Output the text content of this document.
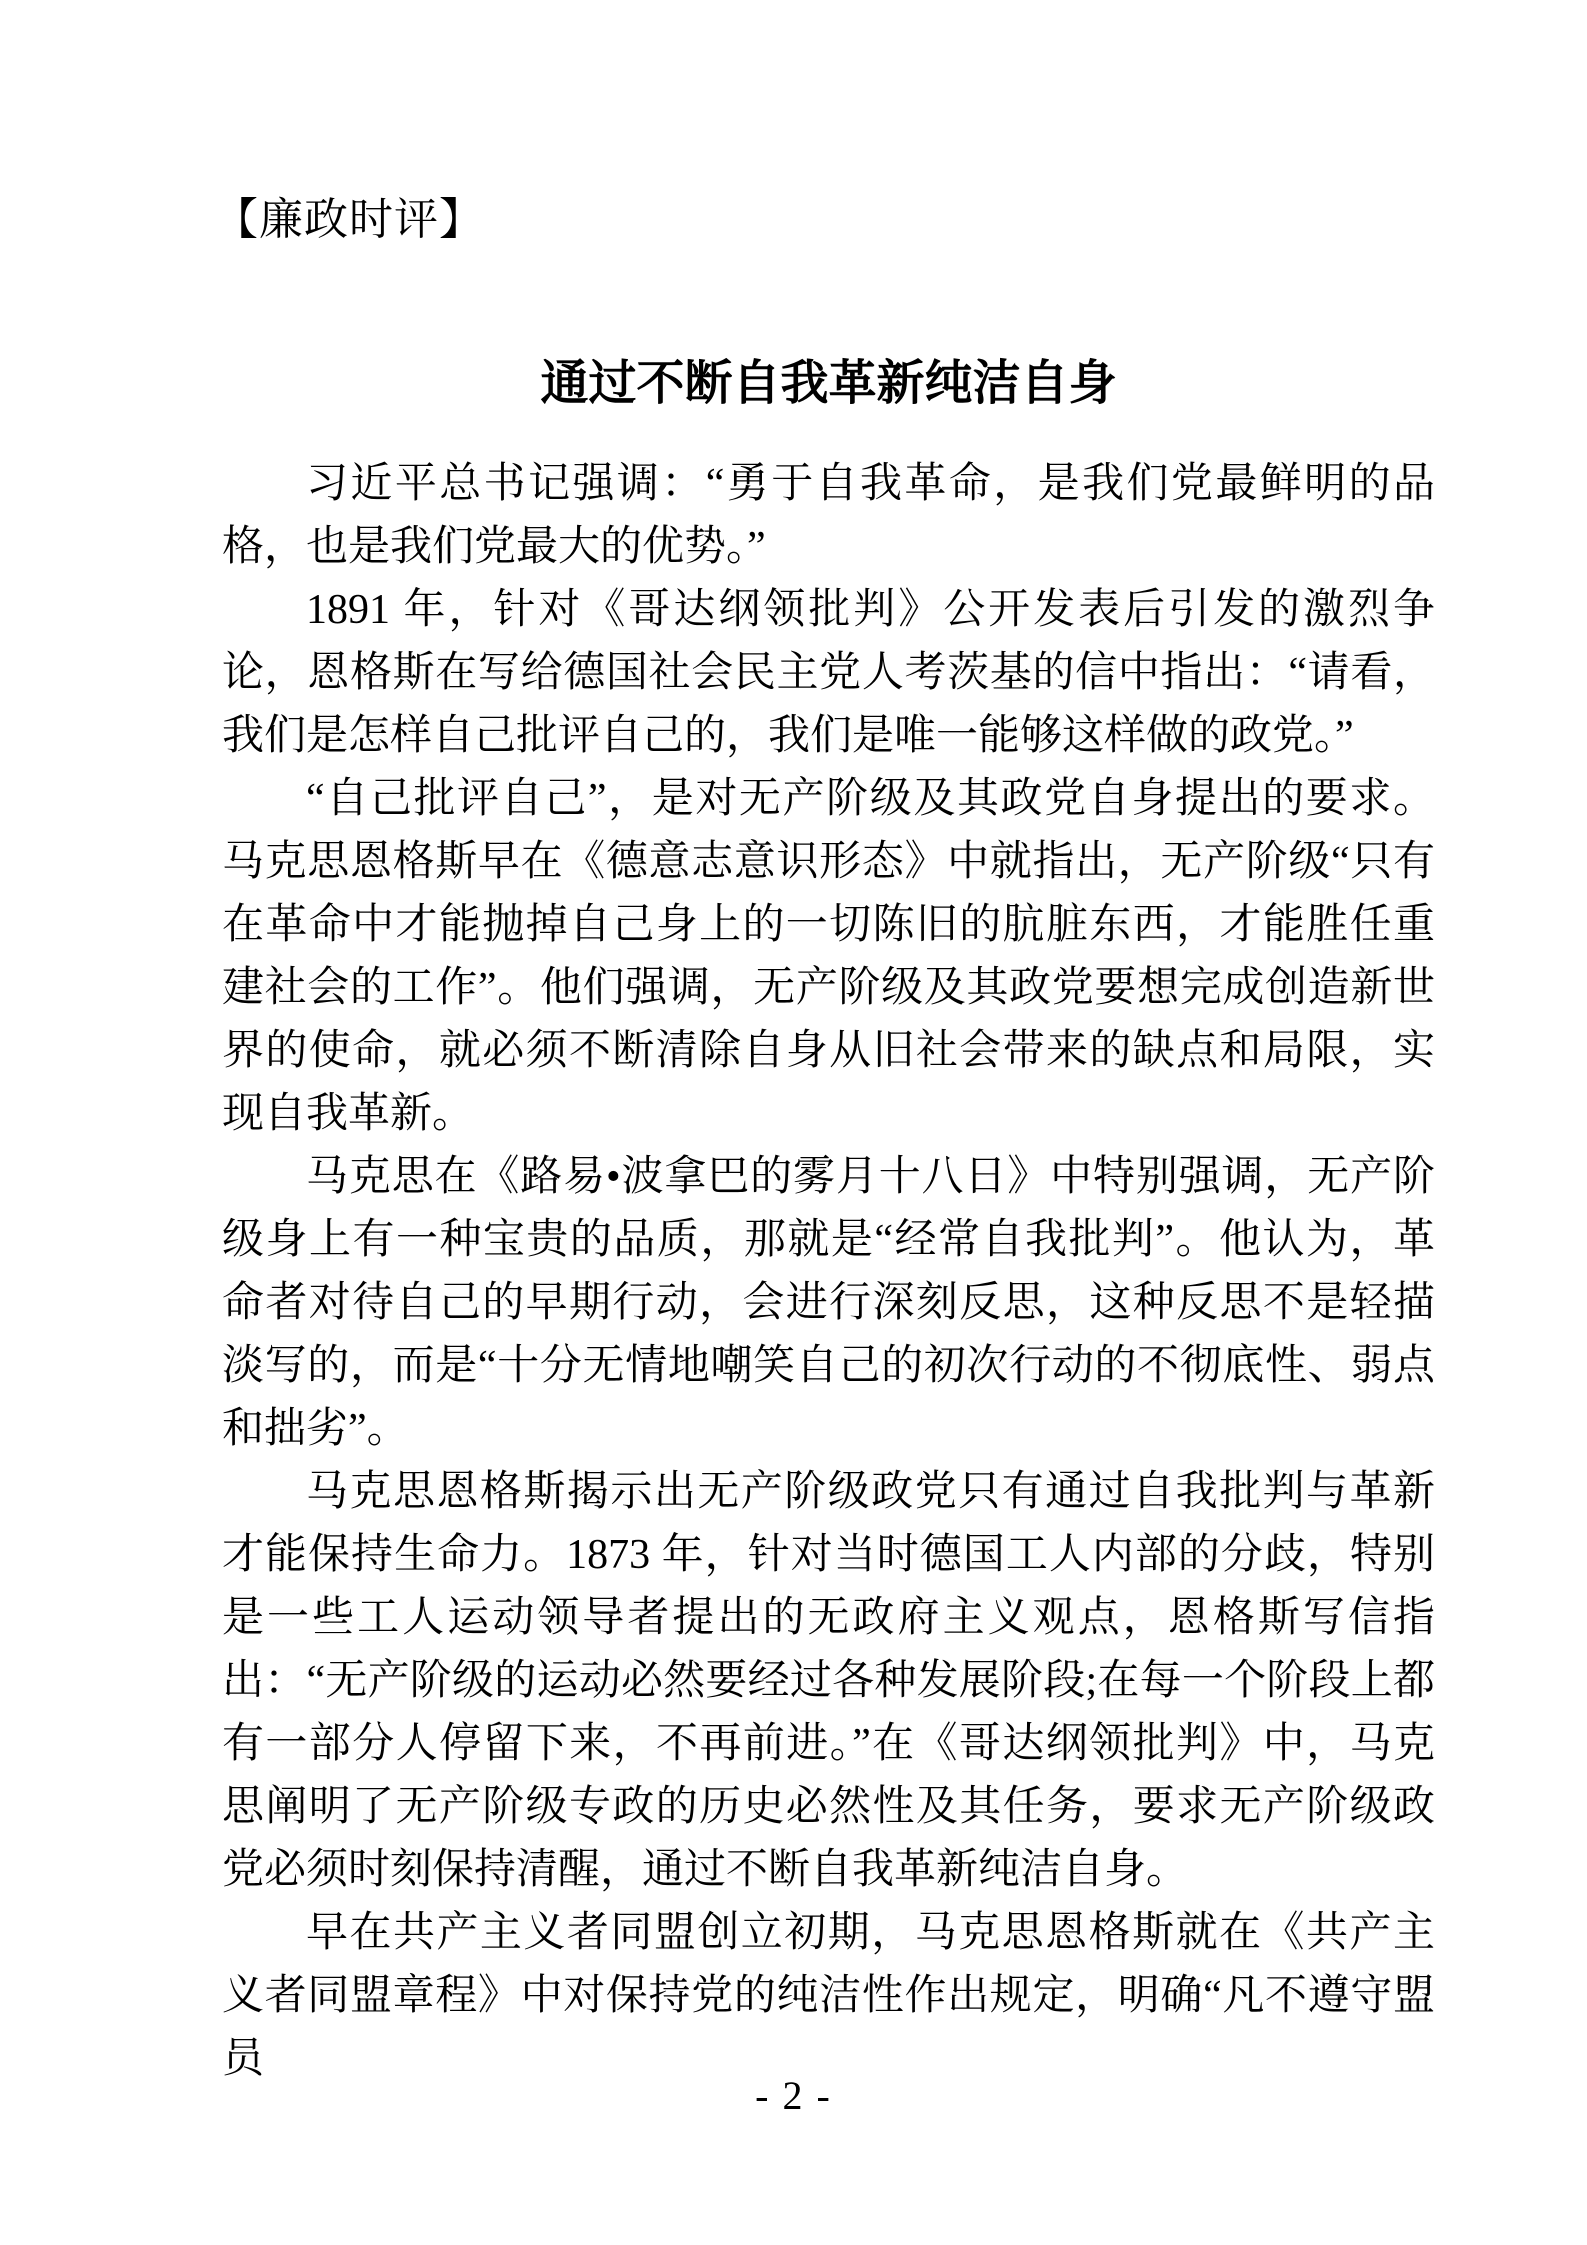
【廉政时评】
通过不断自我革新纯洁自身

习近平总书记强调：“勇于自我革命，是我们党最鲜明的品格，也是我们党最大的优势。”

1891 年，针对《哥达纲领批判》公开发表后引发的激烈争论，恩格斯在写给德国社会民主党人考茨基的信中指出：“请看，我们是怎样自己批评自己的，我们是唯一能够这样做的政党。”

“自己批评自己”，是对无产阶级及其政党自身提出的要求。马克思恩格斯早在《德意志意识形态》中就指出，无产阶级“只有在革命中才能抛掉自己身上的一切陈旧的肮脏东西，才能胜任重建社会的工作”。他们强调，无产阶级及其政党要想完成创造新世界的使命，就必须不断清除自身从旧社会带来的缺点和局限，实现自我革新。

马克思在《路易•波拿巴的雾月十八日》中特别强调，无产阶级身上有一种宝贵的品质，那就是“经常自我批判”。他认为，革命者对待自己的早期行动，会进行深刻反思，这种反思不是轻描淡写的，而是“十分无情地嘲笑自己的初次行动的不彻底性、弱点和拙劣”。

马克思恩格斯揭示出无产阶级政党只有通过自我批判与革新才能保持生命力。1873 年，针对当时德国工人内部的分歧，特别是一些工人运动领导者提出的无政府主义观点，恩格斯写信指出：“无产阶级的运动必然要经过各种发展阶段;在每一个阶段上都有一部分人停留下来，不再前进。”在《哥达纲领批判》中，马克思阐明了无产阶级专政的历史必然性及其任务，要求无产阶级政党必须时刻保持清醒，通过不断自我革新纯洁自身。

早在共产主义者同盟创立初期，马克思恩格斯就在《共产主义者同盟章程》中对保持党的纯洁性作出规定，明确“凡不遵守盟员

- 2 -
